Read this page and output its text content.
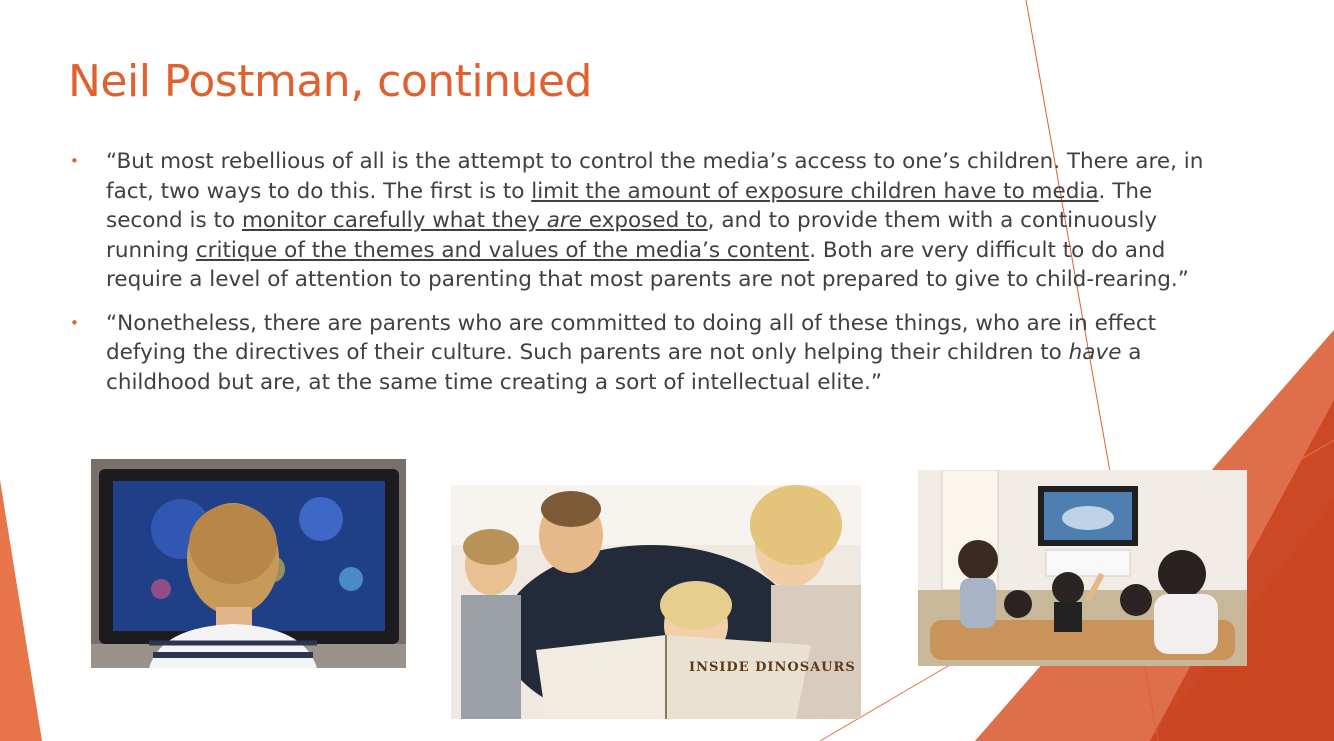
Neil Postman, continued
• “But most rebellious of all is the attempt to control the media’s access to one’s children. There are, in fact, two ways to do this. The first is to limit the amount of exposure children have to media. The second is to monitor carefully what they are exposed to, and to provide them with a continuously running critique of the themes and values of the media’s content. Both are very difficult to do and require a level of attention to parenting that most parents are not prepared to give to child-rearing.”
• “Nonetheless, there are parents who are committed to doing all of these things, who are in effect defying the directives of their culture. Such parents are not only helping their children to have a childhood but are, at the same time creating a sort of intellectual elite.”
INSIDE DINOSAURS
